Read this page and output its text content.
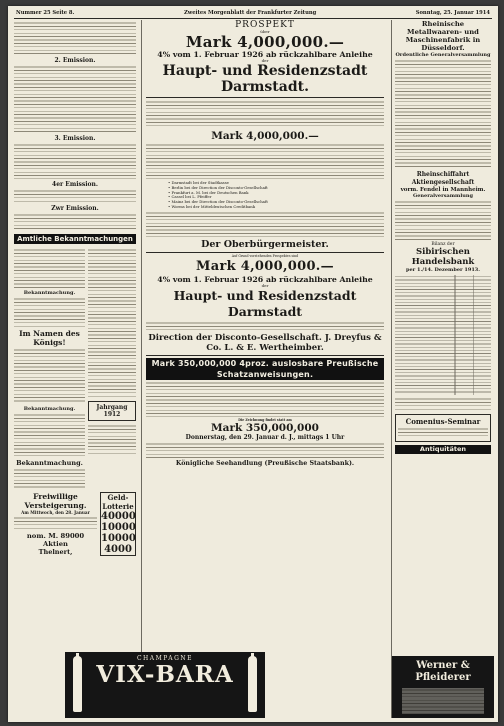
Nummer 25 Seite 8.	Zweites Morgenblatt der Frankfurter Zeitung	Sonntag, 25. Januar 1914
2. Emission.
3. Emission.
4er Emission.
Zwr Emission.
Amtliche Bekanntmachungen
Bekanntmachung.
Im Namen des Königs!
Bekanntmachung.
Bekanntmachung.
Jahrgang 1912
Freiwillige Versteigerung.
Am Mittwoch, den 28. Januar
nom. M. 89000 Aktien
Thelnert,
Geld-Lotterie
40000
10000
10000
4000
PROSPEKT
über
Mark 4,000,000.—
4% vom 1. Februar 1926 ab rückzahlbare Anleihe
der
Haupt- und Residenzstadt Darmstadt.
Mark 4,000,000.—
• Darmstadt bei der Stadtkasse
• Berlin bei der Direction der Disconto-Gesellschaft
• Frankfurt a. M. bei der Deutschen Bank
• Cassel bei L. Pfeiffer
• Mainz bei der Direction der Disconto-Gesellschaft
• Worms bei der Mitteldeutschen Creditbank
Der Oberbürgermeister.
Auf Grund vorstehenden Prospektes sind
Mark 4,000,000.—
4% vom 1. Februar 1926 ab rückzahlbare Anleihe
der
Haupt- und Residenzstadt Darmstadt
Direction der Disconto-Gesellschaft. J. Dreyfus & Co. L. & E. Wertheimber.
Mark 350,000,000 4proz. auslosbare Preußische Schatzanweisungen.
Die Zeichnung findet statt am
Mark 350,000,000
Donnerstag, den 29. Januar d. J., mittags 1 Uhr
Königliche Seehandlung (Preußische Staatsbank).
CHAMPAGNE
VIX-BARA
Rheinische Metallwaaren- und Maschinenfabrik in Düsseldorf.
Ordentliche Generalversammlung
Rheinschiffahrt Aktiengesellschaft
vorm. Fendel in Mannheim.
Generalversammlung
Bilanz der
Sibirischen Handelsbank
per 1./14. Dezember 1913.
Comenius-Seminar
Antiquitäten
Werner & Pfleiderer
